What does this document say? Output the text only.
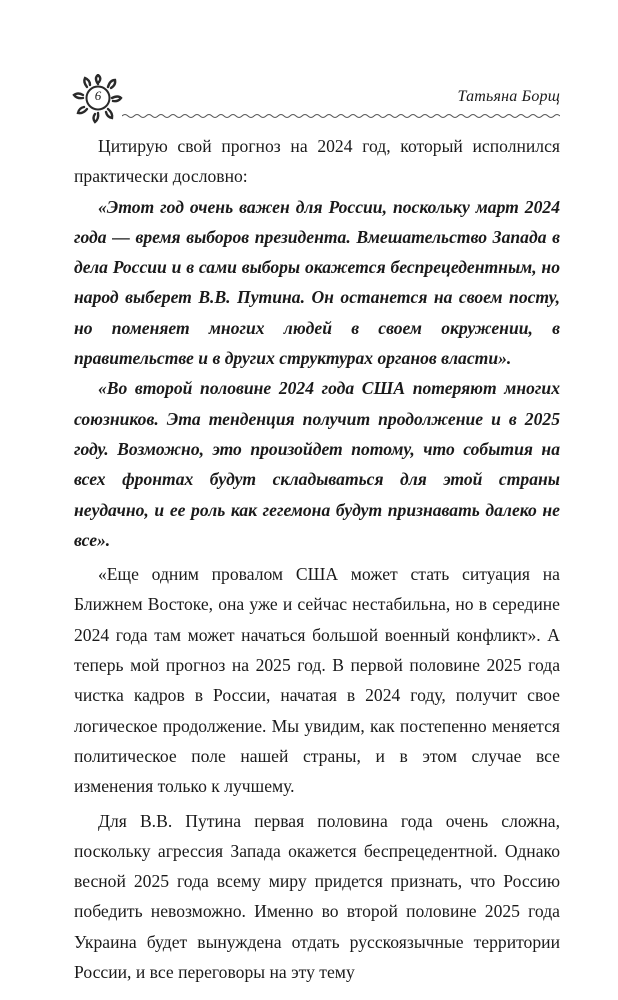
6	Татьяна Борщ

Цитирую свой прогноз на 2024 год, который исполнился практически дословно:

«Этот год очень важен для России, поскольку март 2024 года — время выборов президента. Вмешательство Запада в дела России и в сами выборы окажется беспрецедентным, но народ выберет В.В. Путина. Он останется на своем посту, но поменяет многих людей в своем окружении, в правительстве и в других структурах органов власти».

«Во второй половине 2024 года США потеряют многих союзников. Эта тенденция получит продолжение и в 2025 году. Возможно, это произойдет потому, что события на всех фронтах будут складываться для этой страны неудачно, и ее роль как гегемона будут признавать далеко не все».

«Еще одним провалом США может стать ситуация на Ближнем Востоке, она уже и сейчас нестабильна, но в середине 2024 года там может начаться большой военный конфликт». А теперь мой прогноз на 2025 год. В первой половине 2025 года чистка кадров в России, начатая в 2024 году, получит свое логическое продолжение. Мы увидим, как постепенно меняется политическое поле нашей страны, и в этом случае все изменения только к лучшему.

Для В.В. Путина первая половина года очень сложна, поскольку агрессия Запада окажется беспрецедентной. Однако весной 2025 года всему миру придется признать, что Россию победить невозможно. Именно во второй половине 2025 года Украина будет вынуждена отдать русскоязычные территории России, и все переговоры на эту тему
